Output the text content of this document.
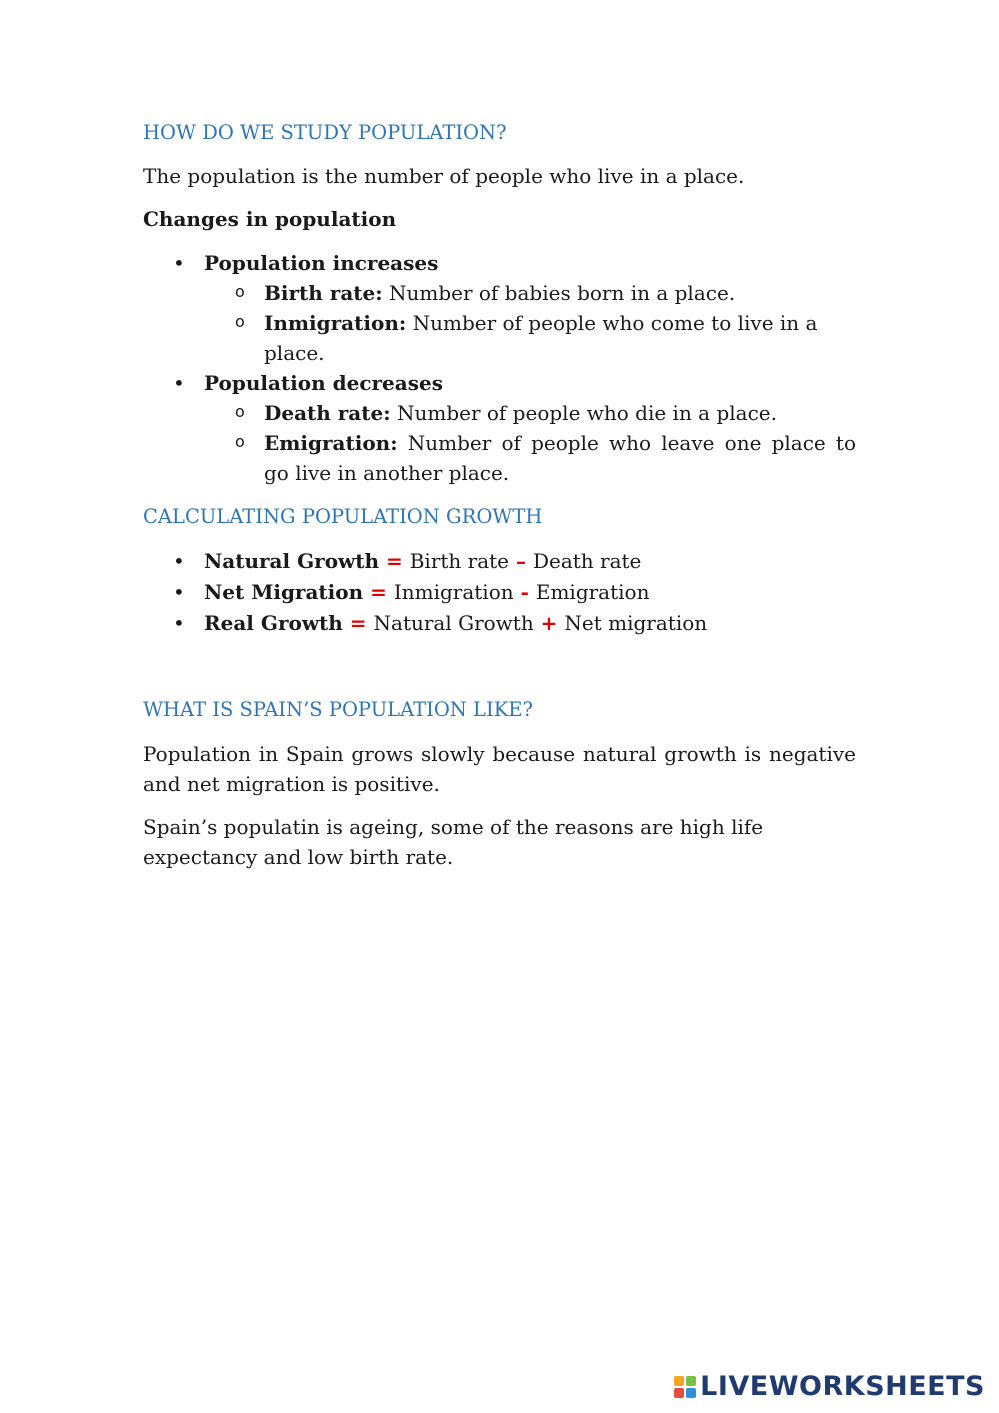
HOW DO WE STUDY POPULATION?

The population is the number of people who live in a place.

Changes in population

• Population increases
o Birth rate: Number of babies born in a place.
o Inmigration: Number of people who come to live in a place.
• Population decreases
o Death rate: Number of people who die in a place.
o Emigration: Number of people who leave one place to go live in another place.

CALCULATING POPULATION GROWTH

• Natural Growth = Birth rate – Death rate
• Net Migration = Inmigration - Emigration
• Real Growth = Natural Growth + Net migration

WHAT IS SPAIN’S POPULATION LIKE?

Population in Spain grows slowly because natural growth is negative and net migration is positive.

Spain’s populatin is ageing, some of the reasons are high life expectancy and low birth rate.

LIVEWORKSHEETS
